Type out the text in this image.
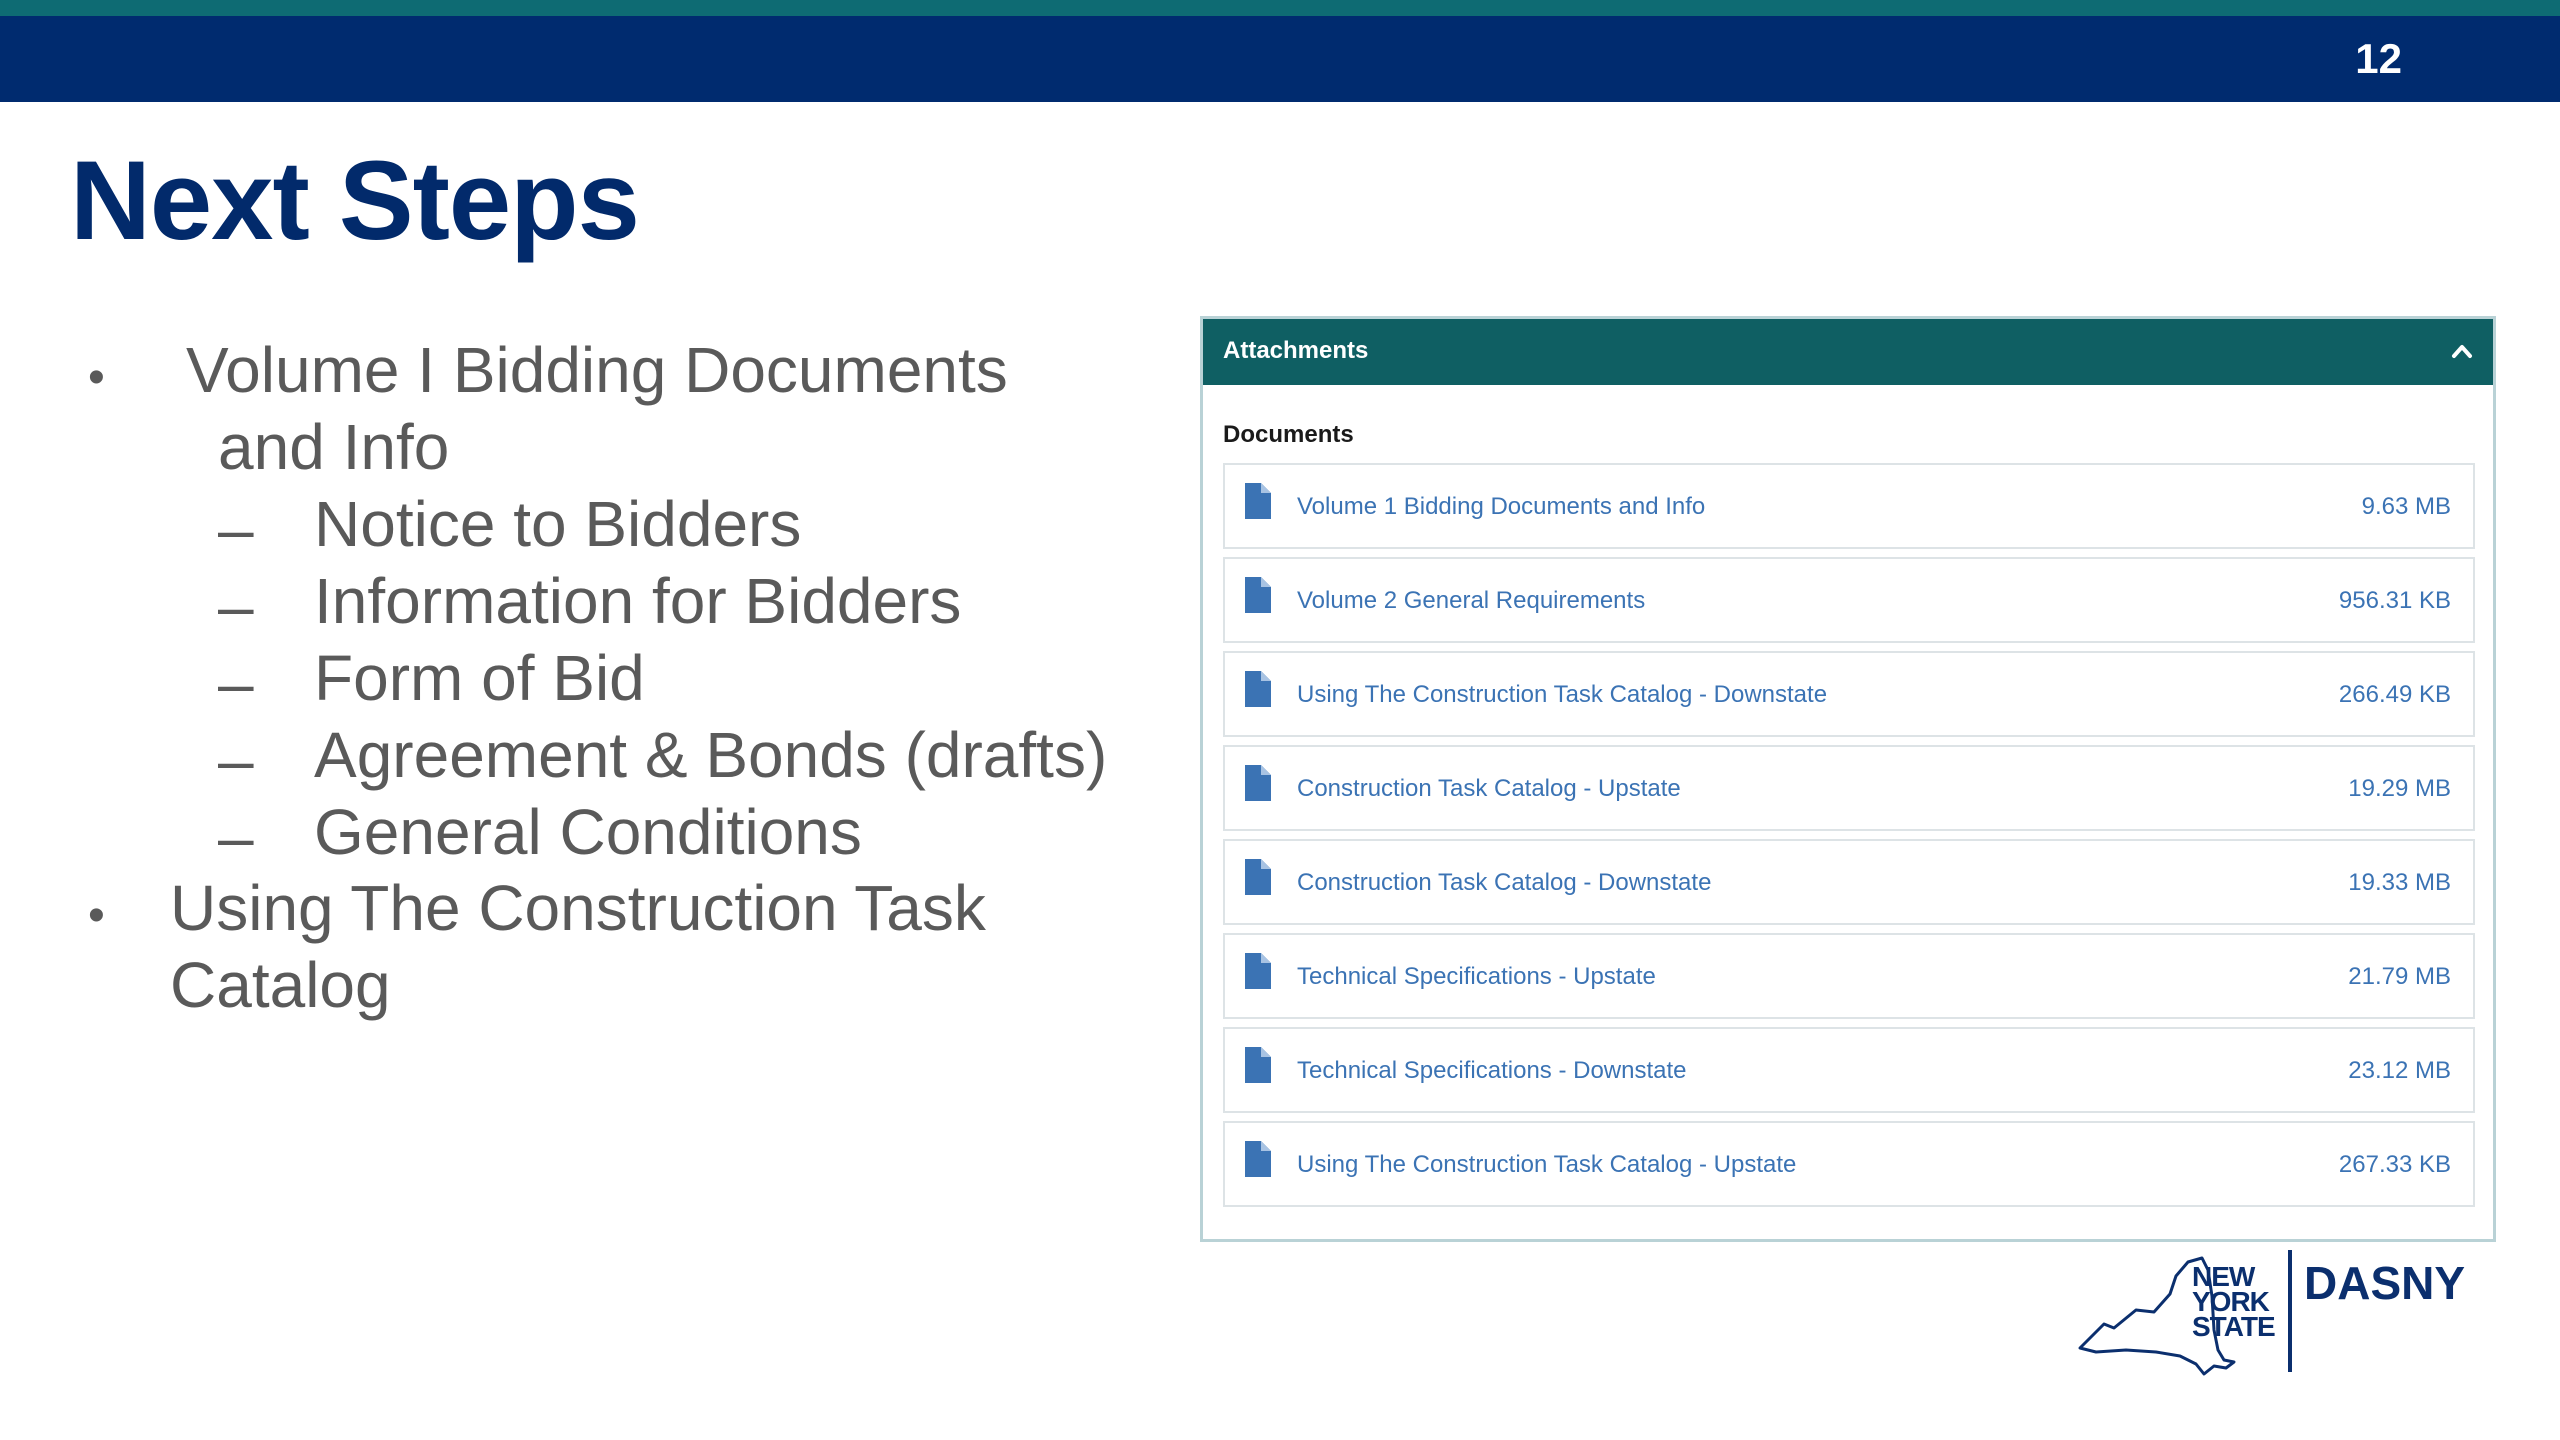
12
Next Steps
• Volume I Bidding Documents
and Info
– Notice to Bidders
– Information for Bidders
– Form of Bid
– Agreement & Bonds (drafts)
– General Conditions
• Using The Construction Task
Catalog
Attachments
Documents
Volume 1 Bidding Documents and Info	9.63 MB
Volume 2 General Requirements	956.31 KB
Using The Construction Task Catalog - Downstate	266.49 KB
Construction Task Catalog - Upstate	19.29 MB
Construction Task Catalog - Downstate	19.33 MB
Technical Specifications - Upstate	21.79 MB
Technical Specifications - Downstate	23.12 MB
Using The Construction Task Catalog - Upstate	267.33 KB
NEW
YORK
STATE
DASNY
